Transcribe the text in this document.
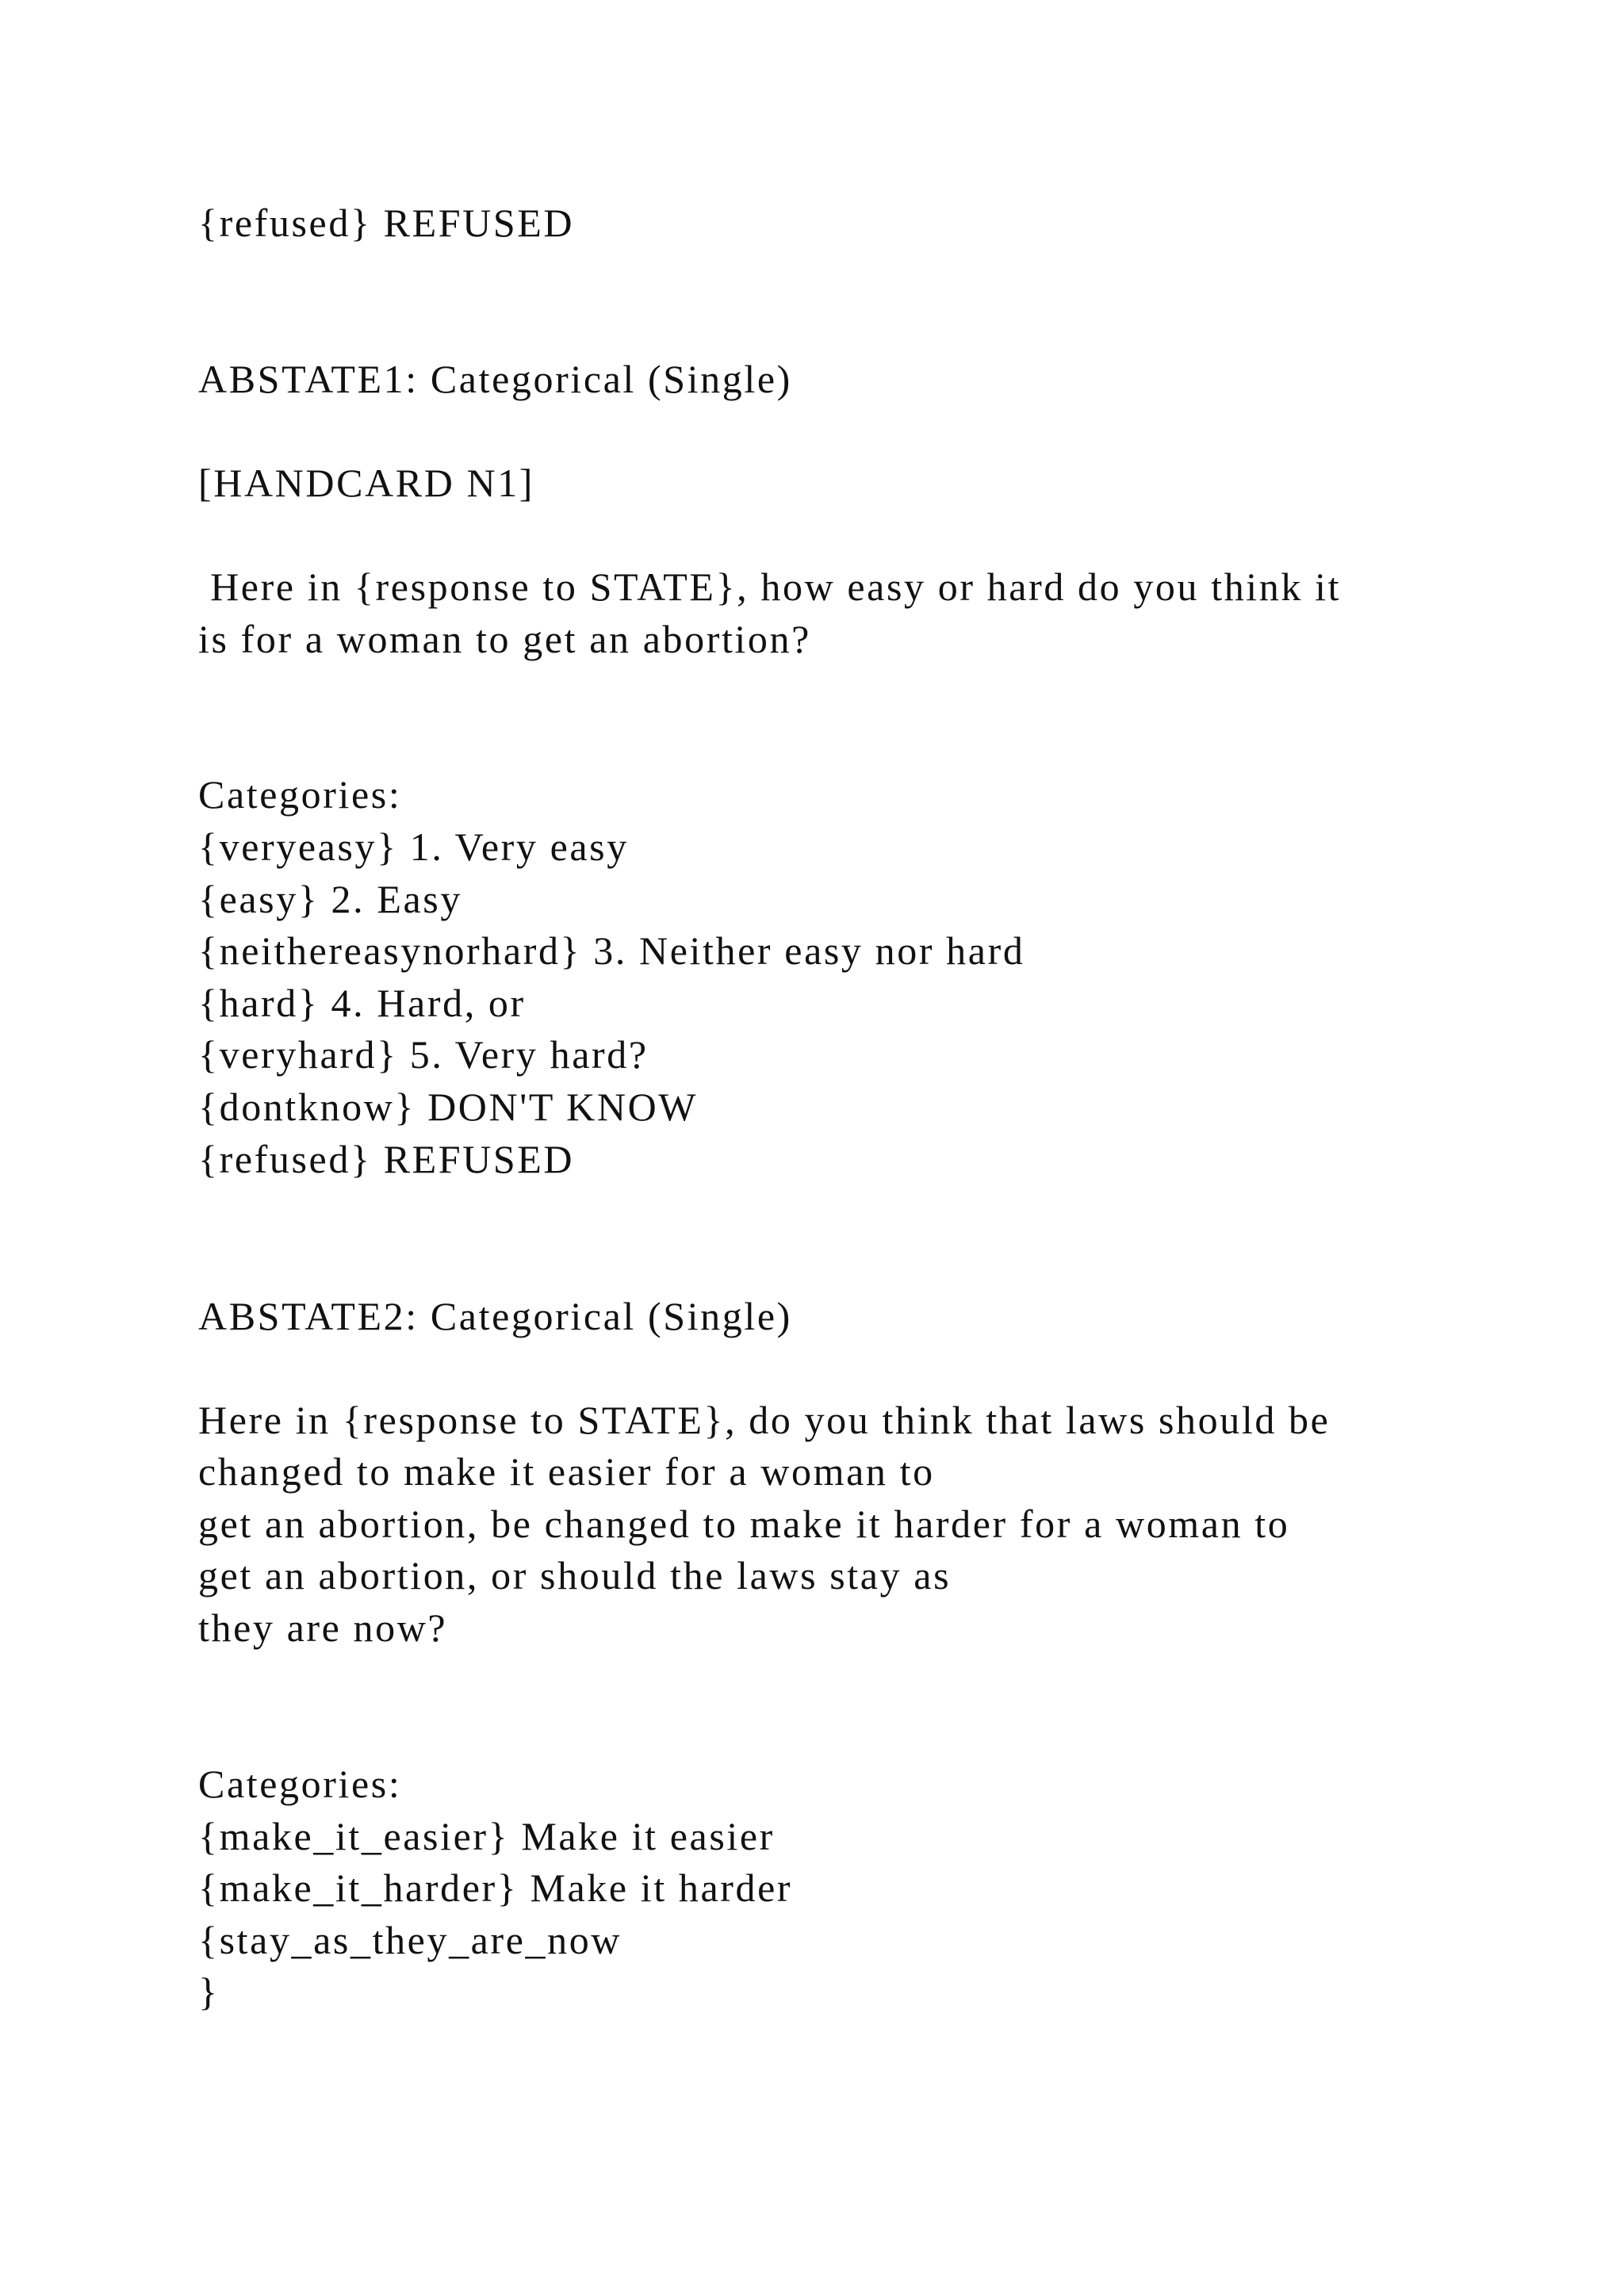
{refused} REFUSED

ABSTATE1: Categorical (Single)

[HANDCARD N1]

Here in {response to STATE}, how easy or hard do you think it

is for a woman to get an abortion?

Categories:

{veryeasy} 1. Very easy

{easy} 2. Easy

{neithereasynorhard} 3. Neither easy nor hard

{hard} 4. Hard, or

{veryhard} 5. Very hard?

{dontknow} DON'T KNOW

{refused} REFUSED

ABSTATE2: Categorical (Single)

Here in {response to STATE}, do you think that laws should be

changed to make it easier for a woman to

get an abortion, be changed to make it harder for a woman to

get an abortion, or should the laws stay as

they are now?

Categories:

{make_it_easier} Make it easier

{make_it_harder} Make it harder

{stay_as_they_are_now

}
